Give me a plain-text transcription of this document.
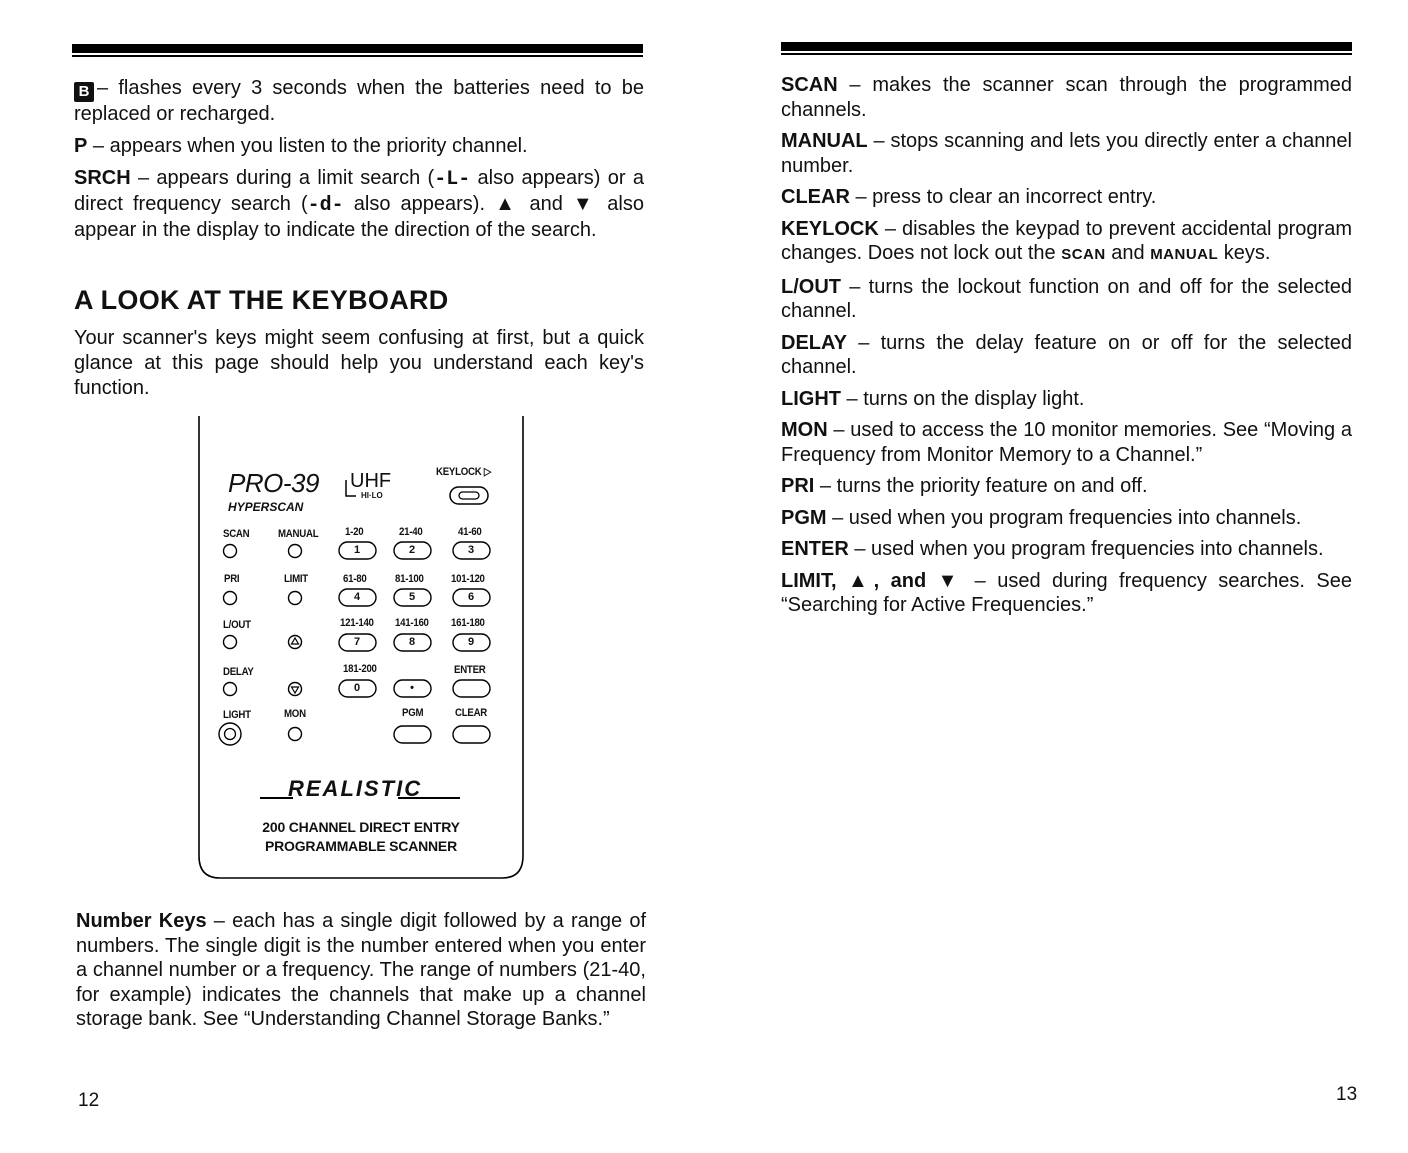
B – flashes every 3 seconds when the batteries need to be replaced or recharged.

P – appears when you listen to the priority channel.

SRCH – appears during a limit search (-L- also appears) or a direct frequency search (-d- also appears). ▲ and ▼ also appear in the display to indicate the direction of the search.

A LOOK AT THE KEYBOARD

Your scanner's keys might seem confusing at first, but a quick glance at this page should help you understand each key's function.

PRO-39
HYPERSCAN
UHF
HI·LO
KEYLOCK ▷
SCAN	MANUAL 1-20	21-40	41-60
PRI	LIMIT	61-80	81-100 101-120
L/OUT	121-140 141-160 161-180
DELAY	181-200	ENTER
LIGHT	MON	PGM	CLEAR
1	2	3
4	5	6
7	8	9
0	•
REALISTIC
200 CHANNEL DIRECT ENTRY
PROGRAMMABLE SCANNER

Number Keys – each has a single digit followed by a range of numbers. The single digit is the number entered when you enter a channel number or a frequency. The range of numbers (21-40, for example) indicates the channels that make up a channel storage bank. See “Understanding Channel Storage Banks.”

12

SCAN – makes the scanner scan through the programmed channels.

MANUAL – stops scanning and lets you directly enter a channel number.

CLEAR – press to clear an incorrect entry.

KEYLOCK – disables the keypad to prevent accidental program changes. Does not lock out the SCAN and MANUAL keys.

L/OUT – turns the lockout function on and off for the selected channel.

DELAY – turns the delay feature on or off for the selected channel.

LIGHT – turns on the display light.

MON – used to access the 10 monitor memories. See “Moving a Frequency from Monitor Memory to a Channel.”

PRI – turns the priority feature on and off.

PGM – used when you program frequencies into channels.

ENTER – used when you program frequencies into channels.

LIMIT, ▲, and ▼ – used during frequency searches. See “Searching for Active Frequencies.”

13
